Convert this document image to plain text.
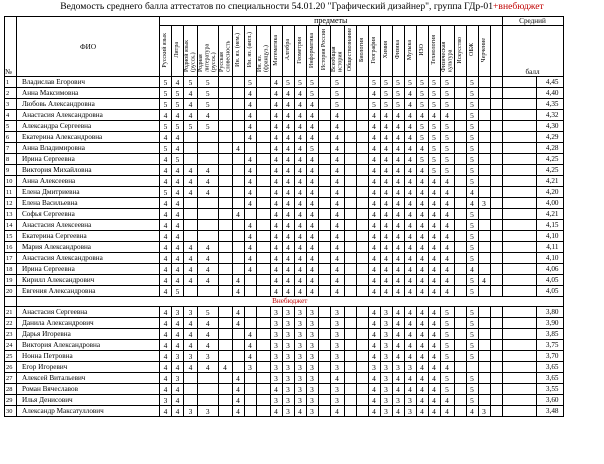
Ведомость среднего балла аттестатов по специальности 54.01.20 "Графический дизайнер", группа ГДр-01+внебюджет
№	ФИО	предметы																											Средний	
		Русский язык	Литра	Родной язык (русск.)	Родная литература (русск.)	Русская словесность	Ин. яз. (нем.)	Ин. яз. (англ.)	Ин. яз. (француз.)	Математика	Алгебра	Геометрия	Информатика	История России	Всеобщая история	Обществознание	Биология	География	Химия	Физика	Музыка	ИЗО	Технология	Физическая культура	Искусство	ОБЖ	Черчение		балл	
1	Владислав Егорович	5	4	5	5			5		4	5	5	5		5			5	5	5	5	5	5	5		5				4,45
2	Анна Максимовна	5	5	4	5			4		4	4	4	5		5			4	5	5	4	5	5	5		5				4,40
3	Любовь Александровна	5	5	4	5			4		4	4	4	4		5			5	5	5	4	5	5	5		5				4,35
4	Анастасия Александровна	4	4	4	4			4		4	4	4	4		4			4	4	4	4	4	4	4		5				4,32
5	Александра Сергеевна	5	5	5	5			4		4	4	4	4		4			4	4	4	4	5	5	5		5				4,30
6	Екатерина Александровна	4	4					4		4	4	4	4		4			4	4	4	4	5	5	5		5				4,29
7	Анна Владимировна	5	4				4			4	4	4	5		4			4	4	4	4	4	5	5		5				4,28
8	Ирина Сергеевна	4	5					4		4	4	4	4		4			4	4	4	4	5	5	5		5				4,25
9	Виктория Михайловна	4	4	4	4			4		4	4	4	4		4			4	4	4	4	4	5	5		5				4,25
10	Анна Алексеевна	4	4	4	4			4		4	4	4	4		4			4	4	4	4	4	4	4		5				4,21
11	Елена Дмитриевна	5	4	4	4			4		4	4	4	4		4			4	4	4	4	4	4	4		4				4,20
12	Елена Васильевна	4	4					4		4	4	4	4		4			4	4	4	4	4	4	4		4	3			4,00
13	Софья Сергеевна	4	4				4			4	4	4	4		4			4	4	4	4	4	4	4		5				4,21
14	Анастасия Алексеевна	4	4					4		4	4	4	4		4			4	4	4	4	4	4	4		5				4,15
15	Екатерина Сергеевна	4	4					4		4	4	4	4		4			4	4	4	4	4	4	4		5				4,10
16	Мария Александровна	4	4	4	4			4		4	4	4	4		4			4	4	4	4	4	4	4		5				4,11
17	Анастасия Александровна	4	4	4	4			4		4	4	4	4		4			4	4	4	4	4	4	4		5				4,10
18	Ирина Сергеевна	4	4	4	4			4		4	4	4	4		4			4	4	4	4	4	4	4		4				4,06
19	Кирилл Александрович	4	4	4	4		4			4	4	4	4		4			4	4	4	4	4	4	4		5	4			4,05
20	Евгения Александровна	4	5				4			4	4	4	4		4			4	4	4	4	4	4	4		5				4,05
	Внебюджет																													
21	Анастасия Сергеевна	4	3	3	5		4			3	3	3	3		3			4	3	4	4	4	4	5		5				3,80
22	Данила Александрович	4	4	4	4		4			3	3	3	3		3			4	3	4	4	4	4	5		5				3,90
23	Дарья Игоревна	4	4	4	4			4		3	3	3	3		3			4	3	4	4	4	4	5		5				3,85
24	Виктория Александровна	4	4	4	4			4		3	3	3	3		3			4	3	4	4	4	4	5		5				3,75
25	Нонна Петровна	4	3	3	3			4		3	3	3	3		3			4	3	4	4	4	4	5		5				3,70
26	Егор Игоревич	4	4	4	4	4		3		3	3	3	3		3			3	3	3	3	4	4	4						3,65
27	Алексей Витальевич	4	3				4			3	3	3	3		4			4	3	4	4	4	4	5		5				3,65
28	Роман Вячеславов	4	4				4			4	3	3	3		3			4	3	4	4	4	4	5		5				3,55
29	Илья Денисович	3	4				4			3	3	3	3		3			4	3	3	3	4	4	4		5				3,60
30	Александр Максатуллович	4	4	3	3		4			4	3	4	3		4			4	3	4	3	4	4	4		4	3			3,48
